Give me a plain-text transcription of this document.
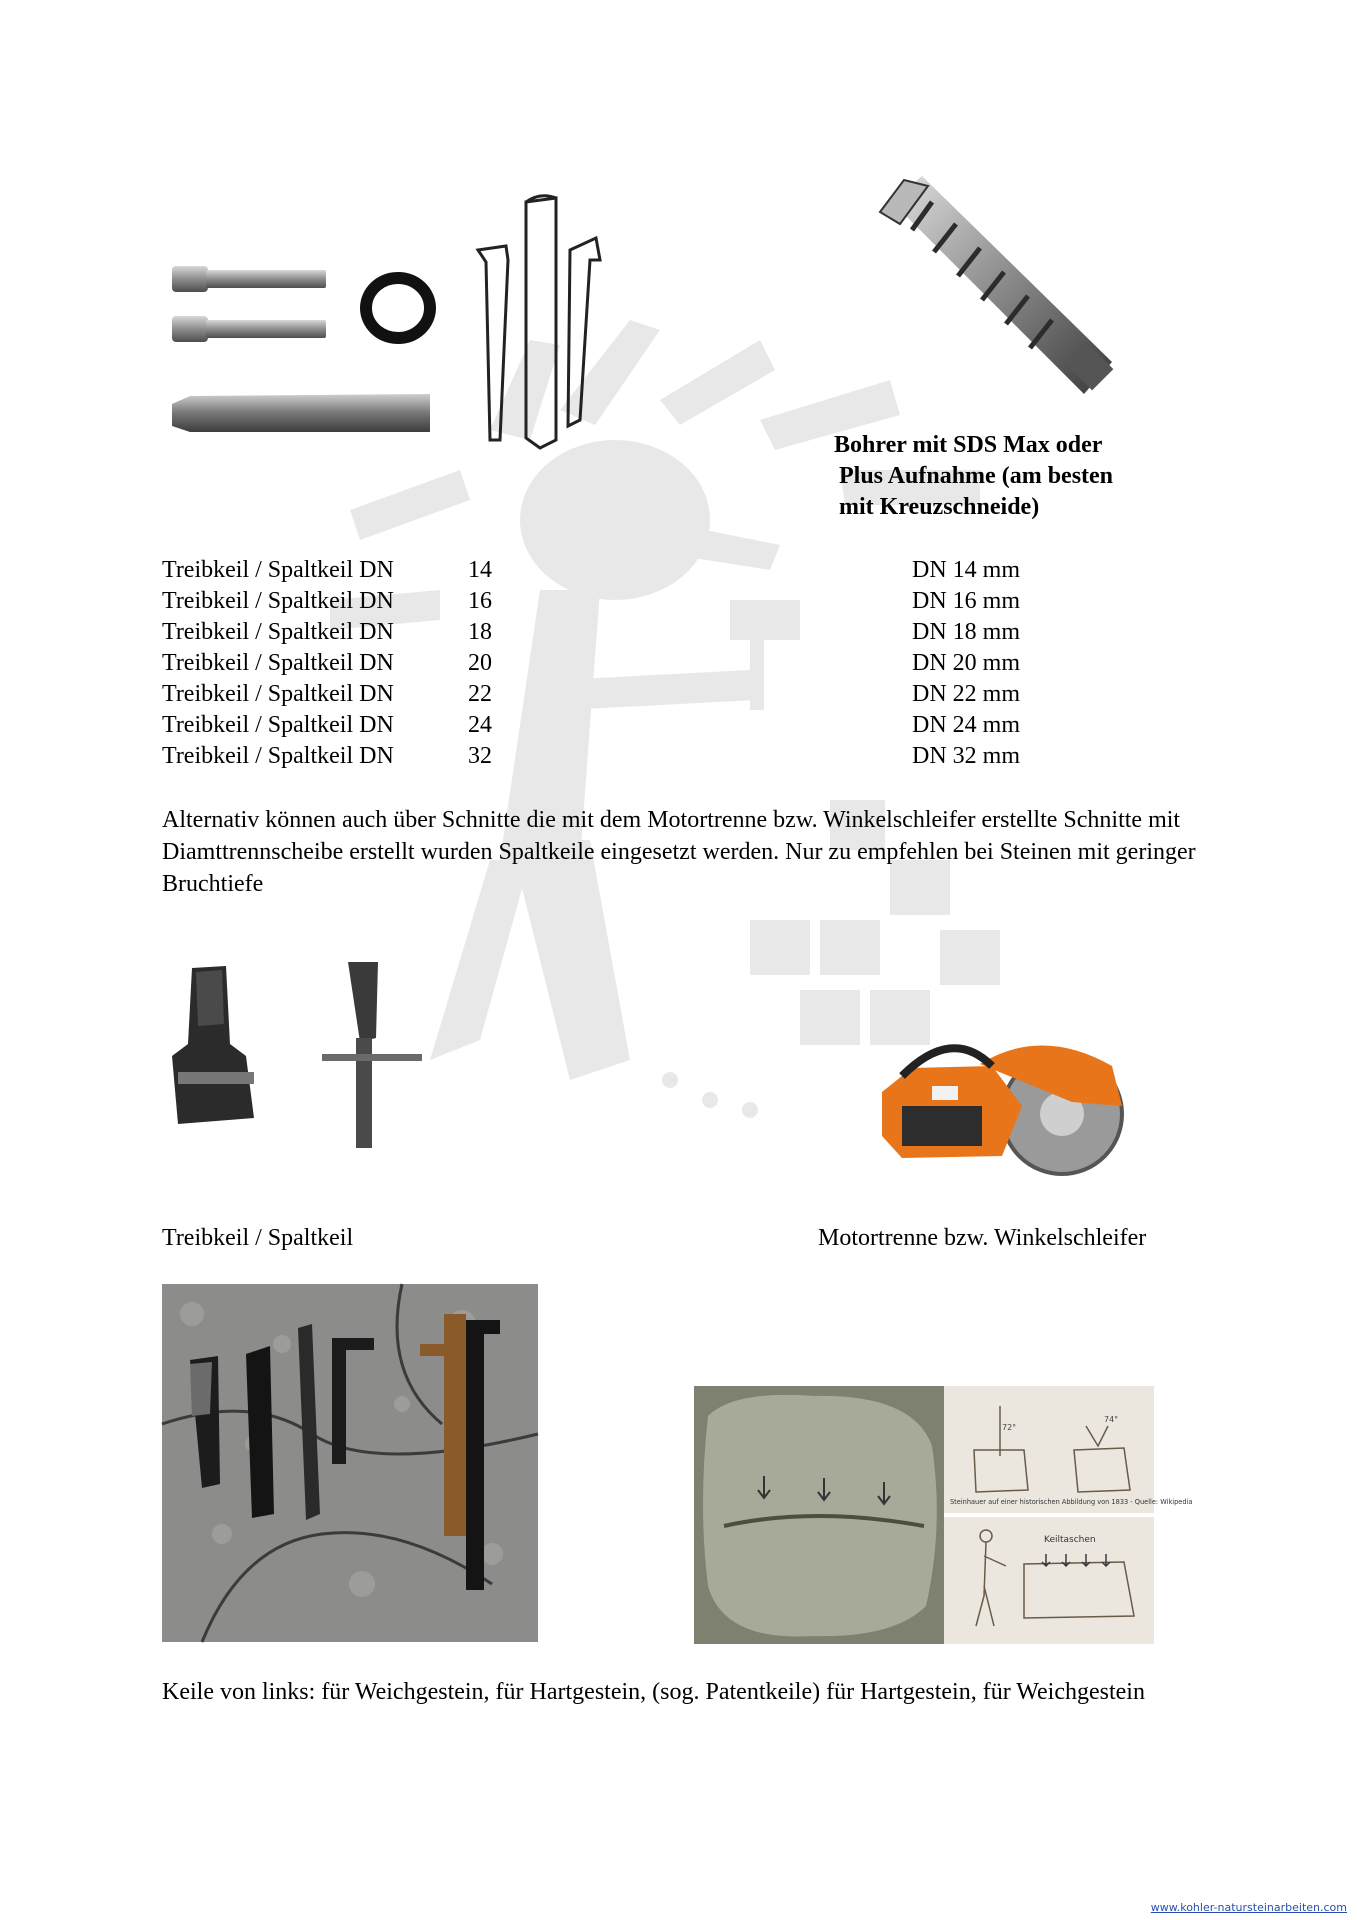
Bohrer mit SDS Max oder
Plus Aufnahme (am besten
mit Kreuzschneide)
Treibkeil / Spaltkeil DN	14	DN 14 mm
Treibkeil / Spaltkeil DN	16	DN 16 mm
Treibkeil / Spaltkeil DN	18	DN 18 mm
Treibkeil / Spaltkeil DN	20	DN 20 mm
Treibkeil / Spaltkeil DN	22	DN 22 mm
Treibkeil / Spaltkeil DN	24	DN 24 mm
Treibkeil / Spaltkeil DN	32	DN 32 mm
Alternativ können auch über Schnitte die mit dem Motortrenne bzw. Winkelschleifer erstellte Schnitte mit Diamttrennscheibe erstellt wurden Spaltkeile eingesetzt werden. Nur zu empfehlen bei Steinen mit geringer Bruchtiefe
Treibkeil / Spaltkeil	Motortrenne bzw. Winkelschleifer
72°
74°
Steinhauer auf einer historischen Abbildung von 1833 - Quelle: Wikipedia
Keiltaschen
Keile von links: für Weichgestein, für Hartgestein, (sog. Patentkeile) für Hartgestein, für Weichgestein
www.kohler-natursteinarbeiten.com
